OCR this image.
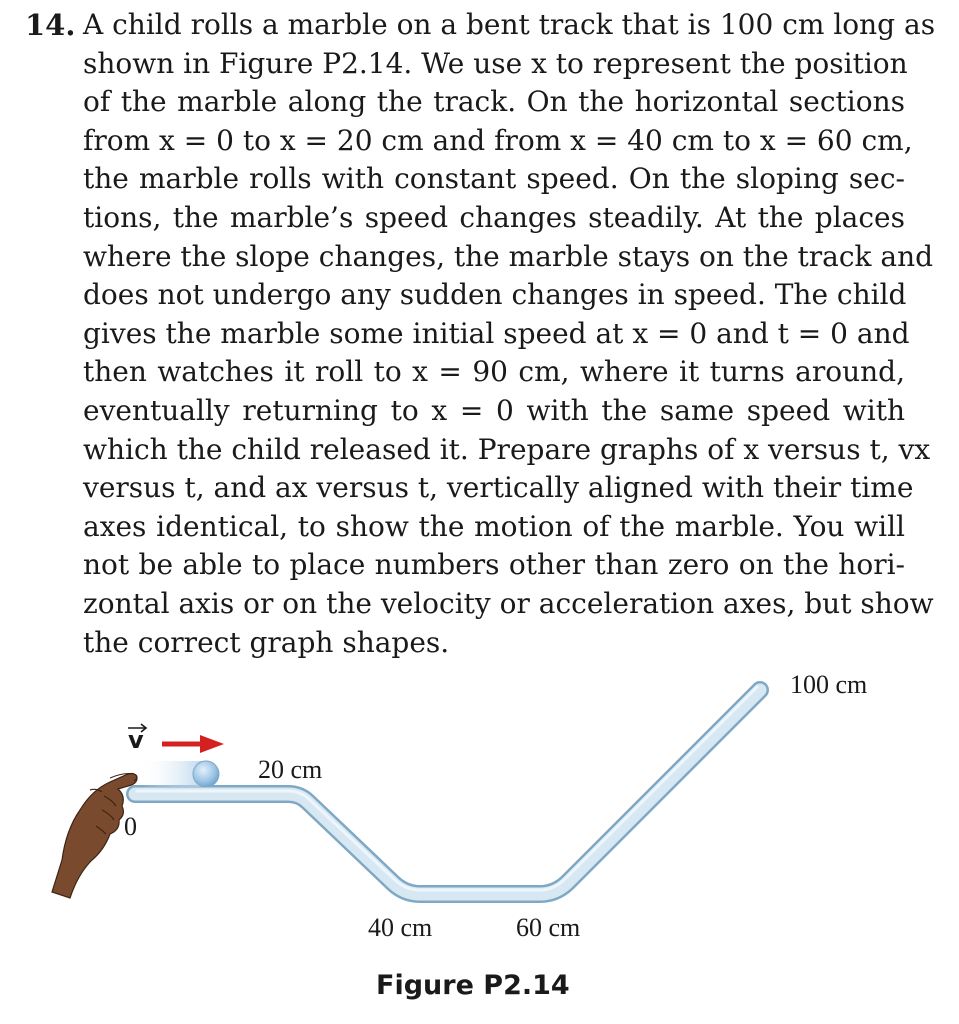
14. A child rolls a marble on a bent track that is 100 cm long as
shown in Figure P2.14. We use x to represent the position
of the marble along the track. On the horizontal sections
from x = 0 to x = 20 cm and from x = 40 cm to x = 60 cm,
the marble rolls with constant speed. On the sloping sec-
tions, the marble’s speed changes steadily. At the places
where the slope changes, the marble stays on the track and
does not undergo any sudden changes in speed. The child
gives the marble some initial speed at x = 0 and t = 0 and
then watches it roll to x = 90 cm, where it turns around,
eventually returning to x = 0 with the same speed with
which the child released it. Prepare graphs of x versus t, vx
versus t, and ax versus t, vertically aligned with their time
axes identical, to show the motion of the marble. You will
not be able to place numbers other than zero on the hori-
zontal axis or on the velocity or acceleration axes, but show
the correct graph shapes.
v
0
20 cm
40 cm	60 cm
100 cm
Figure P2.14
